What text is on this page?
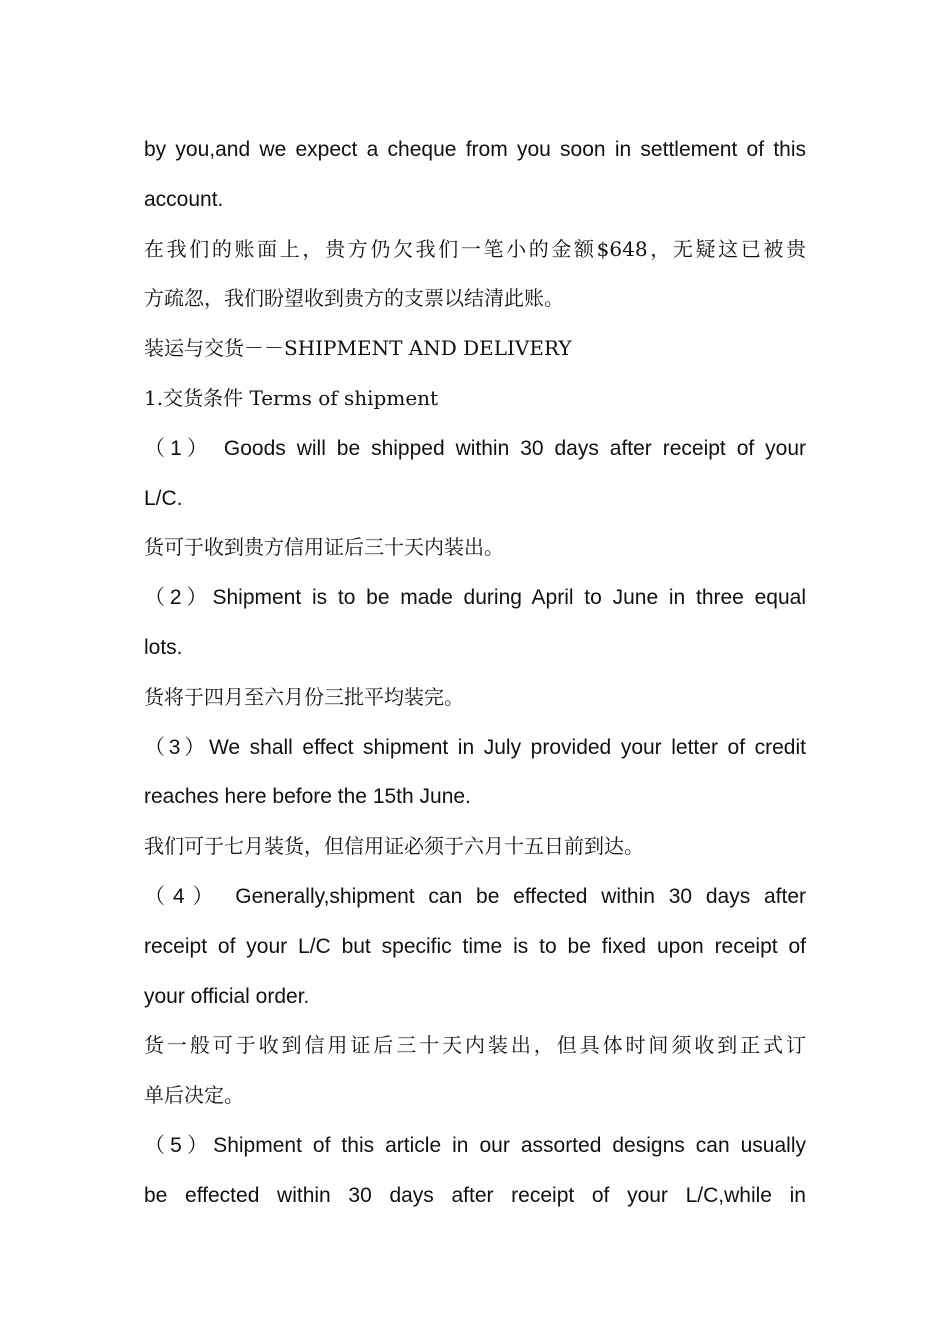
by you,and we expect a cheque from you soon in settlement of this
account.
在我们的账面上，贵方仍欠我们一笔小的金额$648，无疑这已被贵
方疏忽，我们盼望收到贵方的支票以结清此账。
装运与交货－－SHIPMENT AND DELIVERY
1.交货条件 Terms of shipment
（1） Goods will be shipped within 30 days after receipt of your
L/C.
货可于收到贵方信用证后三十天内装出。
（2）Shipment is to be made during April to June in three equal
lots.
货将于四月至六月份三批平均装完。
（3）We shall effect shipment in July provided your letter of credit
reaches here before the 15th June.
我们可于七月装货，但信用证必须于六月十五日前到达。
（4） Generally,shipment can be effected within 30 days after
receipt of your L/C but specific time is to be fixed upon receipt of
your official order.
货一般可于收到信用证后三十天内装出，但具体时间须收到正式订
单后决定。
（5）Shipment of this article in our assorted designs can usually
be effected within 30 days after receipt of your L/C,while in
